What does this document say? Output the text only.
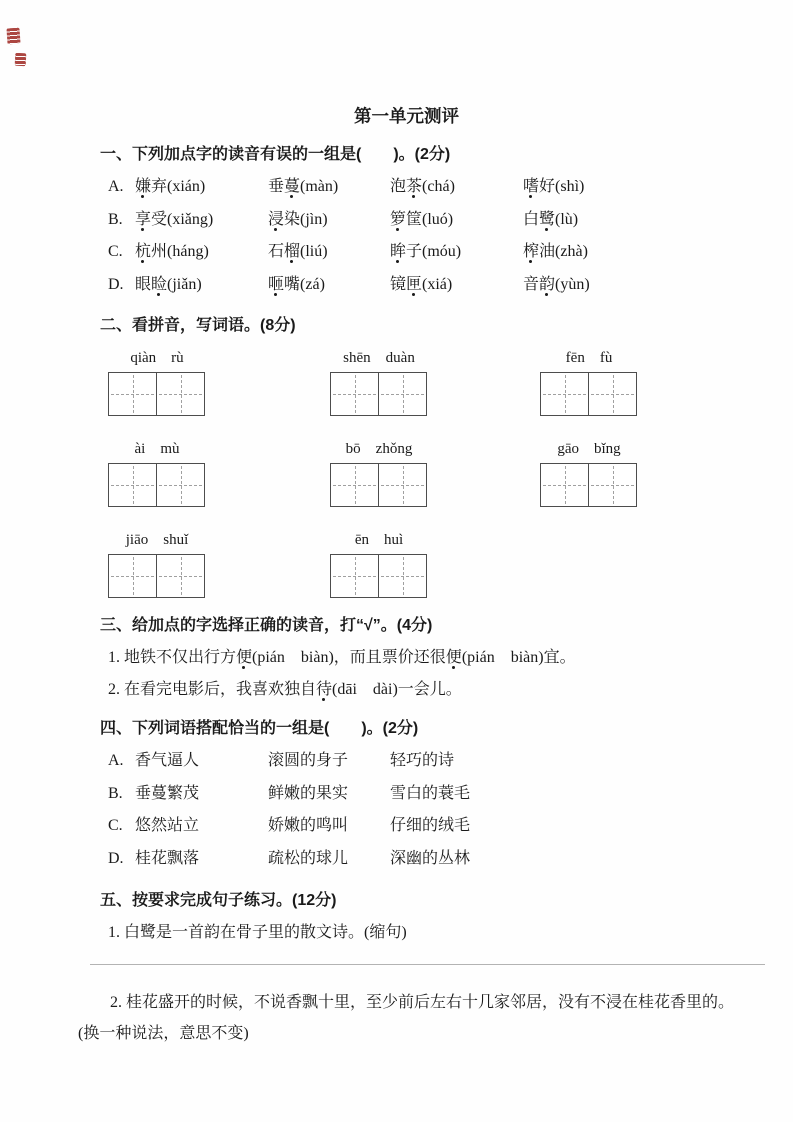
第一单元测评
一、下列加点字的读音有误的一组是(　　)。(2分)
A. 嫌弃(xián)	垂蔓(màn)	泡茶(chá)	嗜好(shì)
B. 享受(xiǎng)	浸染(jìn)	箩筐(luó)	白鹭(lù)
C. 杭州(háng)	石榴(liú)	眸子(móu)	榨油(zhà)
D. 眼睑(jiǎn)	咂嘴(zá)	镜匣(xiá)	音韵(yùn)
二、看拼音，写词语。(8分)
qiàn rù	shēn duàn	fēn fù
ài mù	bō zhǒng	gāo bǐng
jiāo shuǐ	ēn huì
三、给加点的字选择正确的读音，打“√”。(4分)
1. 地铁不仅出行方便(pián　biàn)，而且票价还很便(pián　biàn)宜。
2. 在看完电影后，我喜欢独自待(dāi　dài)一会儿。
四、下列词语搭配恰当的一组是(　　)。(2分)
A. 香气逼人	滚圆的身子	轻巧的诗
B. 垂蔓繁茂	鲜嫩的果实	雪白的蓑毛
C. 悠然站立	娇嫩的鸣叫	仔细的绒毛
D. 桂花飘落	疏松的球儿	深幽的丛林
五、按要求完成句子练习。(12分)
1. 白鹭是一首韵在骨子里的散文诗。(缩句)
2. 桂花盛开的时候，不说香飘十里，至少前后左右十几家邻居，没有不浸在桂花香里的。
(换一种说法，意思不变)
